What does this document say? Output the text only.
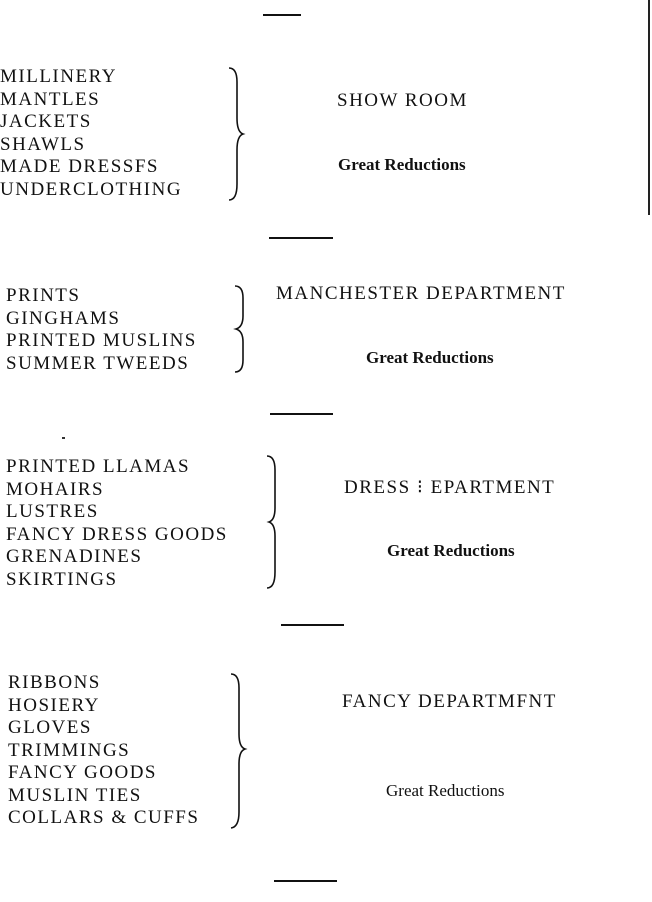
MILLINERY
MANTLES
JACKETS
SHAWLS
MADE DRESSFS
UNDERCLOTHING
SHOW ROOM
Great Reductions
PRINTS
GINGHAMS
PRINTED MUSLINS
SUMMER TWEEDS
MANCHESTER DEPARTMENT
Great Reductions
PRINTED LLAMAS
MOHAIRS
LUSTRES
FANCY DRESS GOODS
GRENADINES
SKIRTINGS
DRESS ⁝ EPARTMENT
Great Reductions
RIBBONS
HOSIERY
GLOVES
TRIMMINGS
FANCY GOODS
MUSLIN TIES
COLLARS & CUFFS
FANCY DEPARTMFNT
Great Reductions
